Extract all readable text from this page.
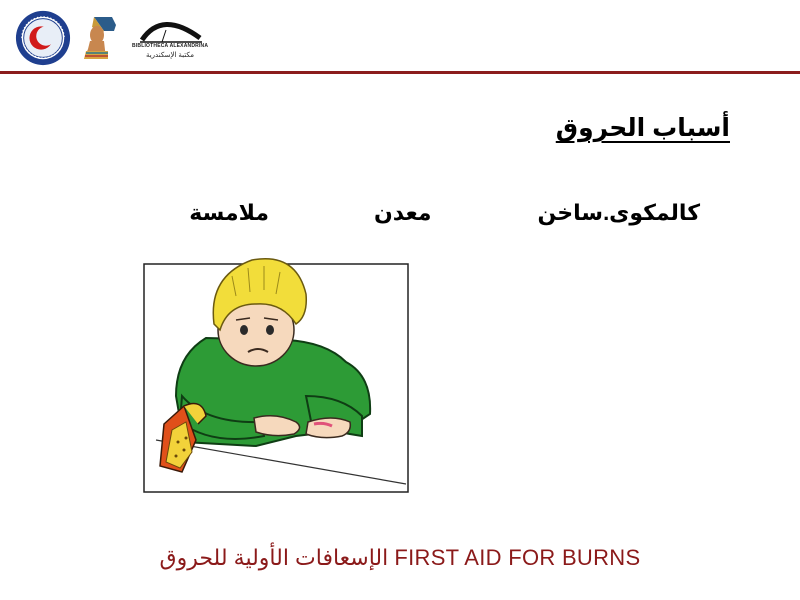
BIBLIOTHECA ALEXANDRINA
مكتبة الإسكندرية
أسباب الحروق
ملامسة	معدن	ساخن كالمكوى.
الإسعافات الأولية للحروق FIRST AID FOR BURNS
